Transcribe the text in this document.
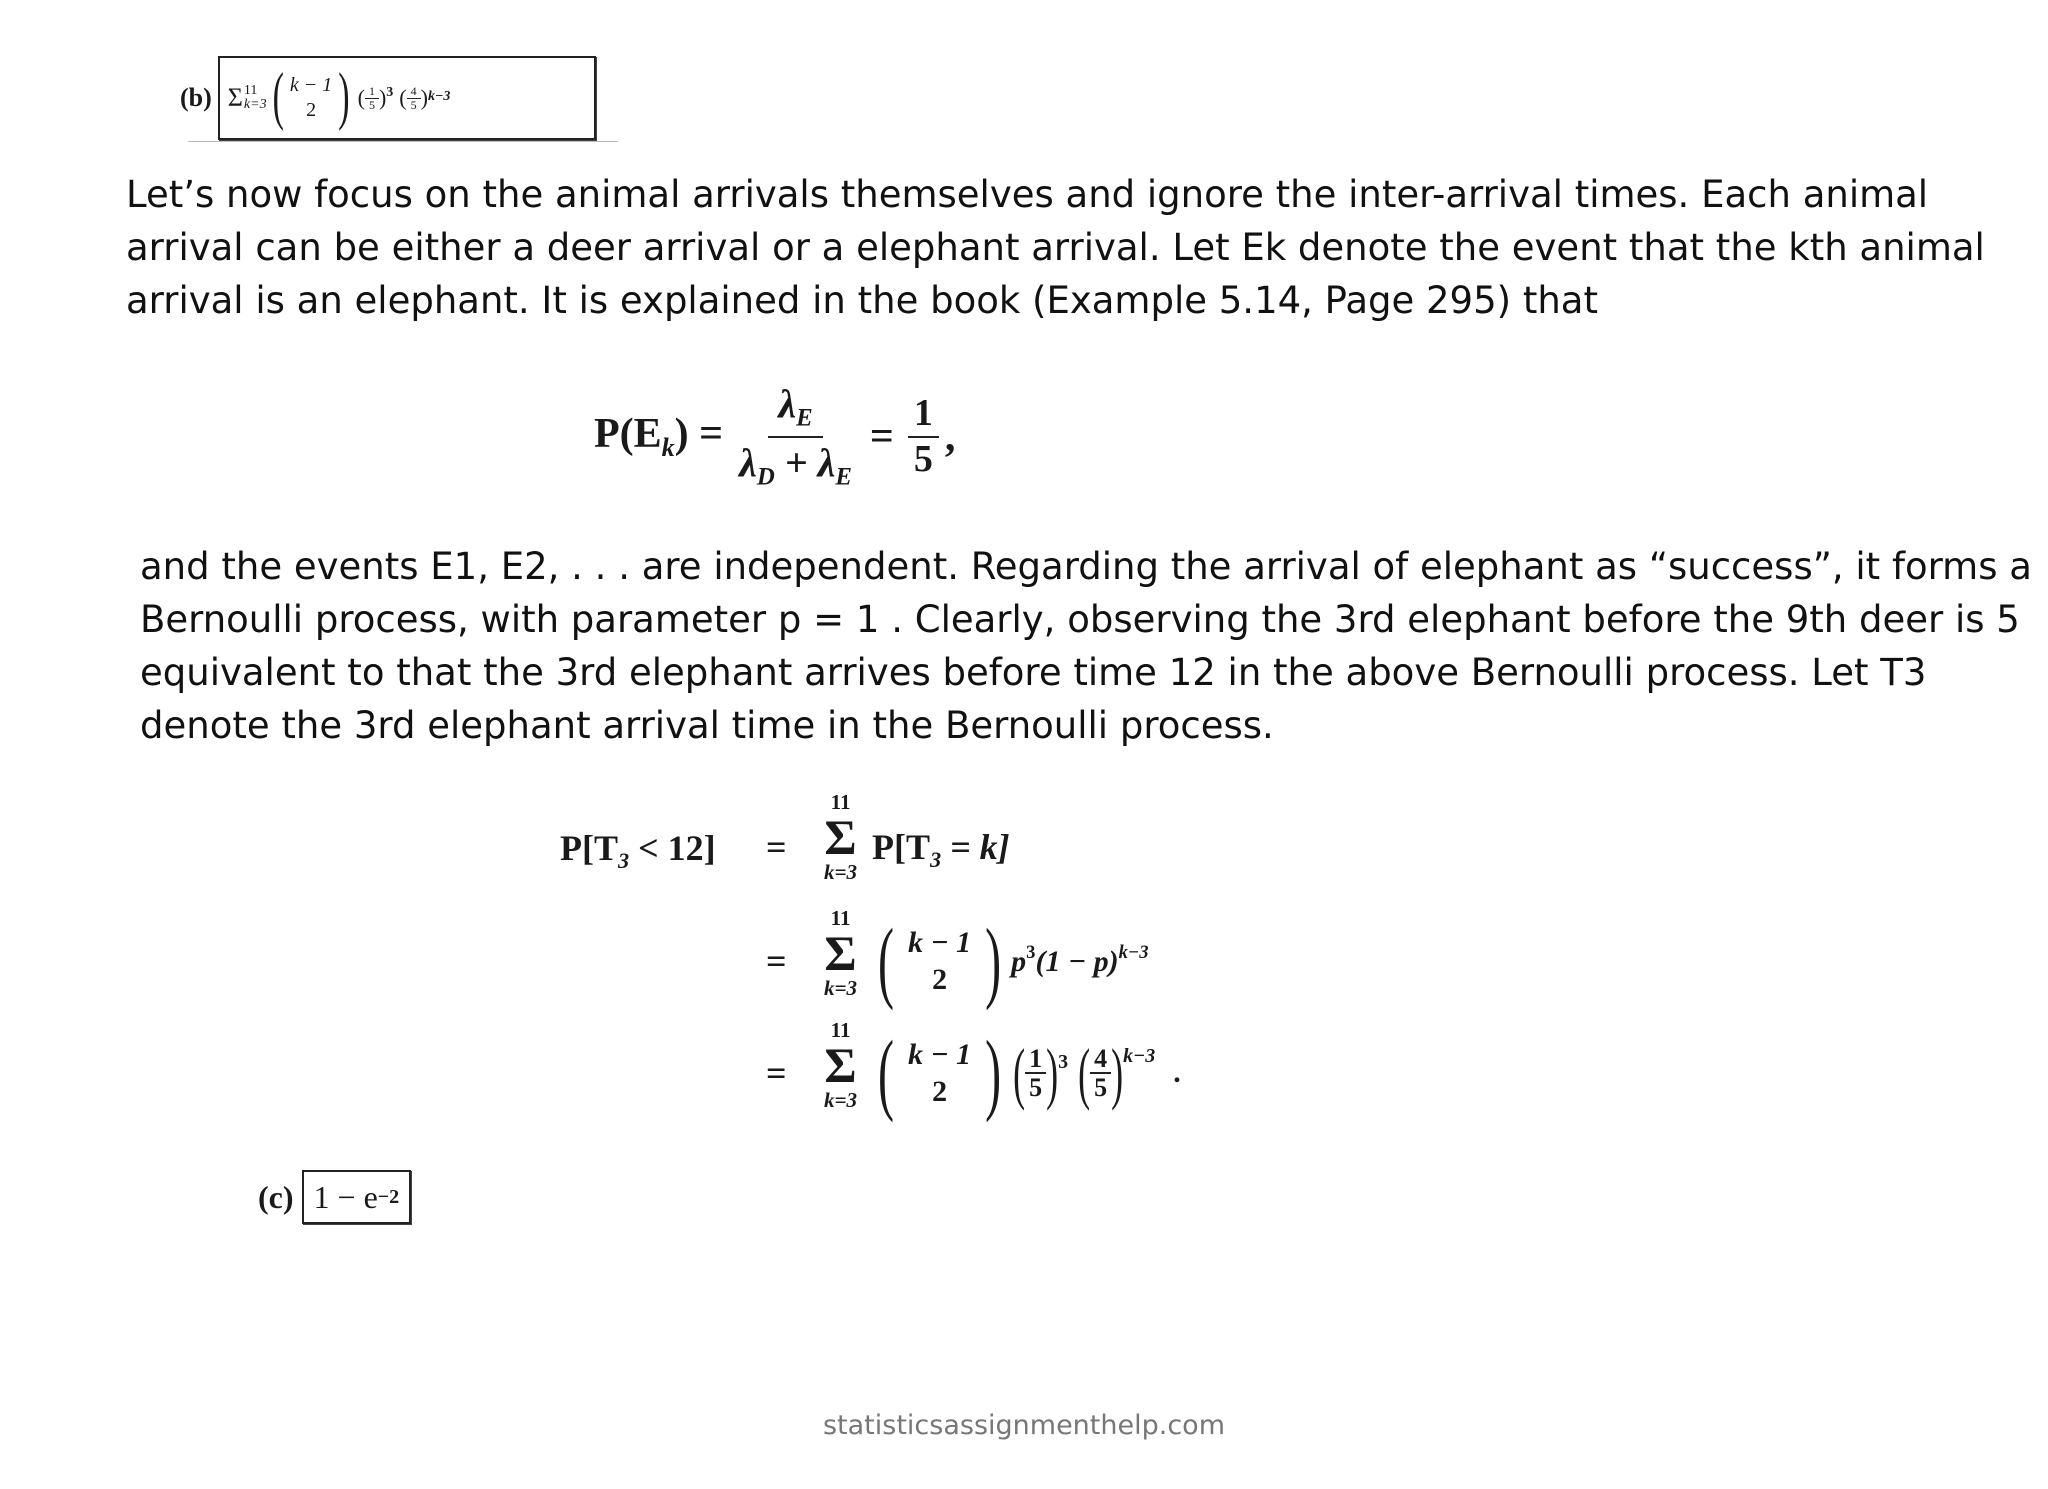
(b) Σ 11
k=3 ( k − 1
2 ) ( $\frac{1}{5}$ ) 3 ( $\frac{4}{5}$ ) k−3
Let’s now focus on the animal arrivals themselves and ignore the inter-arrival times. Each animal
arrival can be either a deer arrival or a elephant arrival. Let Ek denote the event that the kth animal
arrival is an elephant. It is explained in the book (Example 5.14, Page 295) that
$P(E_k) = \frac{\lambda_E}{\lambda_D + \lambda_E} = \frac{1}{5}$ ,
and the events E1, E2, . . . are independent. Regarding the arrival of elephant as “success”, it forms a
Bernoulli process, with parameter p = 1 . Clearly, observing the 3rd elephant before the 9th deer is 5
equivalent to that the 3rd elephant arrives before time 12 in the above Bernoulli process. Let T3
denote the 3rd elephant arrival time in the Bernoulli process.
$P[T_3 < 12]$	=
11
Σ
k=3
$P[T_3 = k]$
=
11
Σ
k=3 ( k − 1
2 ) $p^3(1 - p)^{k-3}$
=
11
Σ
k=3 ( k − 1
2 ) ( $\frac{1}{5}$ ) 3 ( $\frac{4}{5}$ ) k−3
.
(c) 1 − e −2
statisticsassignmenthelp.com
